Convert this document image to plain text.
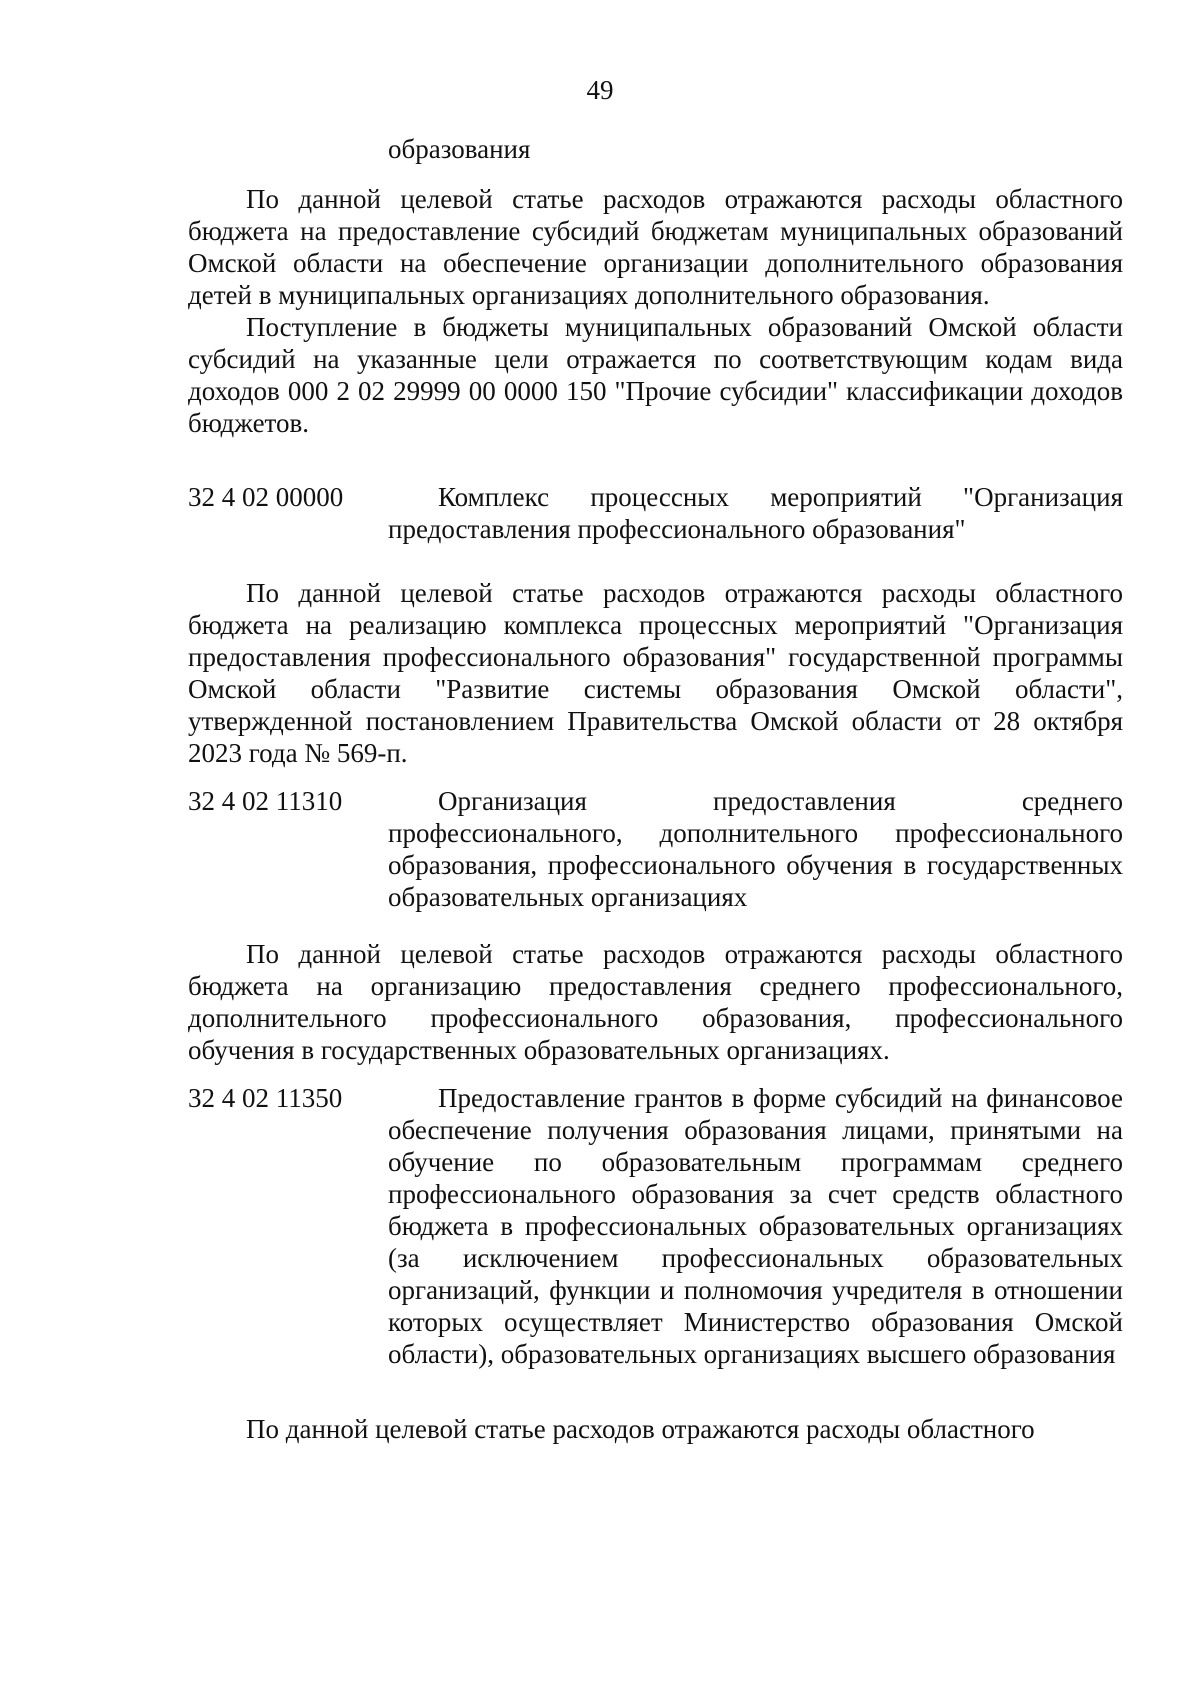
49
образования

По данной целевой статье расходов отражаются расходы областного бюджета на предоставление субсидий бюджетам муниципальных образований Омской области на обеспечение организации дополнительного образования детей в муниципальных организациях дополнительного образования.

Поступление в бюджеты муниципальных образований Омской области субсидий на указанные цели отражается по соответствующим кодам вида доходов 000 2 02 29999 00 0000 150 "Прочие субсидии" классификации доходов бюджетов.

32 4 02 00000	Комплекс процессных мероприятий "Организация предоставления профессионального образования"

По данной целевой статье расходов отражаются расходы областного бюджета на реализацию комплекса процессных мероприятий "Организация предоставления профессионального образования" государственной программы Омской области "Развитие системы образования Омской области", утвержденной постановлением Правительства Омской области от 28 октября 2023 года № 569-п.

32 4 02 11310	Организация предоставления среднего профессионального, дополнительного профессионального образования, профессионального обучения в государственных образовательных организациях

По данной целевой статье расходов отражаются расходы областного бюджета на организацию предоставления среднего профессионального, дополнительного профессионального образования, профессионального обучения в государственных образовательных организациях.

32 4 02 11350	Предоставление грантов в форме субсидий на финансовое обеспечение получения образования лицами, принятыми на обучение по образовательным программам среднего профессионального образования за счет средств областного бюджета в профессиональных образовательных организациях (за исключением профессиональных образовательных организаций, функции и полномочия учредителя в отношении которых осуществляет Министерство образования Омской области), образовательных организациях высшего образования

По данной целевой статье расходов отражаются расходы областного
